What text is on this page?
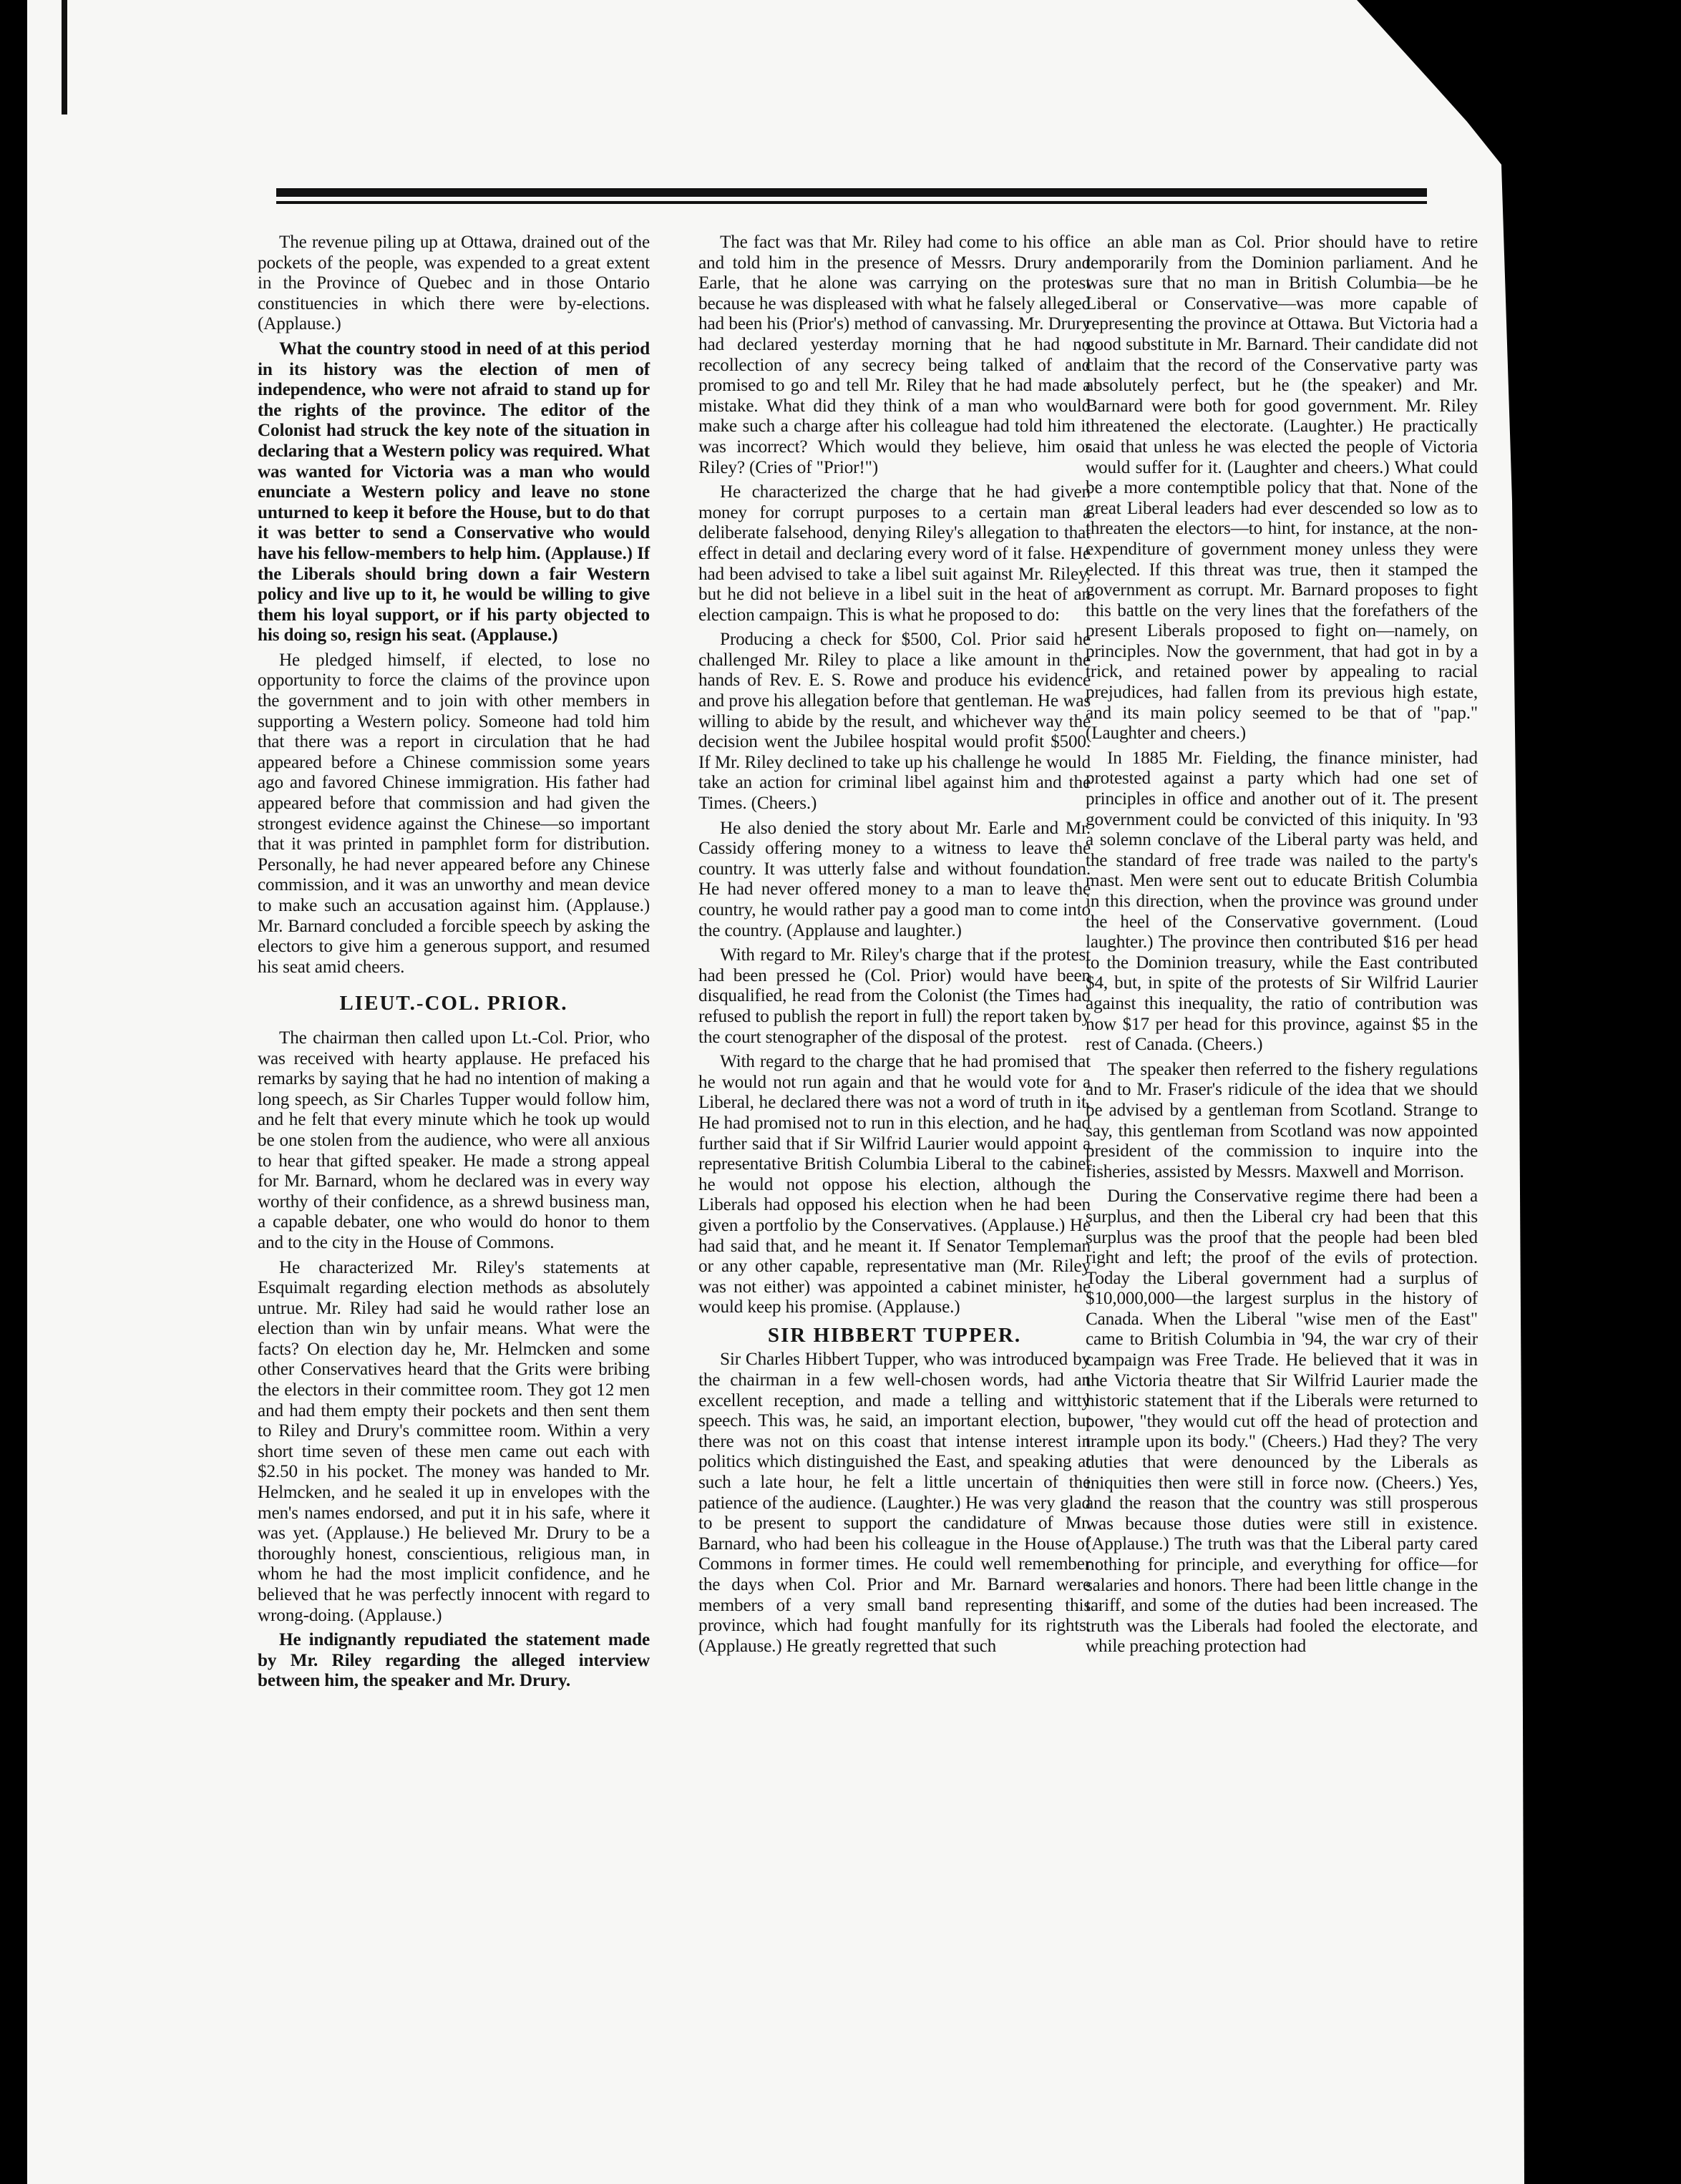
The revenue piling up at Ottawa, drained out of the pockets of the people, was expended to a great extent in the Province of Quebec and in those Ontario constituencies in which there were by-elections. (Applause.)

What the country stood in need of at this period in its history was the election of men of independence, who were not afraid to stand up for the rights of the province. The editor of the Colonist had struck the key note of the situation in declaring that a Western policy was required. What was wanted for Victoria was a man who would enunciate a Western policy and leave no stone unturned to keep it before the House, but to do that it was better to send a Conservative who would have his fellow-members to help him. (Applause.) If the Liberals should bring down a fair Western policy and live up to it, he would be willing to give them his loyal support, or if his party objected to his doing so, resign his seat. (Applause.)

He pledged himself, if elected, to lose no opportunity to force the claims of the province upon the government and to join with other members in supporting a Western policy. Someone had told him that there was a report in circulation that he had appeared before a Chinese commission some years ago and favored Chinese immigration. His father had appeared before that commission and had given the strongest evidence against the Chinese—so important that it was printed in pamphlet form for distribution. Personally, he had never appeared before any Chinese commission, and it was an unworthy and mean device to make such an accusation against him. (Applause.) Mr. Barnard concluded a forcible speech by asking the electors to give him a generous support, and resumed his seat amid cheers.

LIEUT.-COL. PRIOR.

The chairman then called upon Lt.-Col. Prior, who was received with hearty applause. He prefaced his remarks by saying that he had no intention of making a long speech, as Sir Charles Tupper would follow him, and he felt that every minute which he took up would be one stolen from the audience, who were all anxious to hear that gifted speaker. He made a strong appeal for Mr. Barnard, whom he declared was in every way worthy of their confidence, as a shrewd business man, a capable debater, one who would do honor to them and to the city in the House of Commons.

He characterized Mr. Riley's statements at Esquimalt regarding election methods as absolutely untrue. Mr. Riley had said he would rather lose an election than win by unfair means. What were the facts? On election day he, Mr. Helmcken and some other Conservatives heard that the Grits were bribing the electors in their committee room. They got 12 men and had them empty their pockets and then sent them to Riley and Drury's committee room. Within a very short time seven of these men came out each with $2.50 in his pocket. The money was handed to Mr. Helmcken, and he sealed it up in envelopes with the men's names endorsed, and put it in his safe, where it was yet. (Applause.) He believed Mr. Drury to be a thoroughly honest, conscientious, religious man, in whom he had the most implicit confidence, and he believed that he was perfectly innocent with regard to wrong-doing. (Applause.)

He indignantly repudiated the statement made by Mr. Riley regarding the alleged interview between him, the speaker and Mr. Drury.

The fact was that Mr. Riley had come to his office and told him in the presence of Messrs. Drury and Earle, that he alone was carrying on the protest because he was displeased with what he falsely alleged had been his (Prior's) method of canvassing. Mr. Drury had declared yesterday morning that he had no recollection of any secrecy being talked of and promised to go and tell Mr. Riley that he had made a mistake. What did they think of a man who would make such a charge after his colleague had told him it was incorrect? Which would they believe, him or Riley? (Cries of "Prior!")

He characterized the charge that he had given money for corrupt purposes to a certain man a deliberate falsehood, denying Riley's allegation to that effect in detail and declaring every word of it false. He had been advised to take a libel suit against Mr. Riley, but he did not believe in a libel suit in the heat of an election campaign. This is what he proposed to do:

Producing a check for $500, Col. Prior said he challenged Mr. Riley to place a like amount in the hands of Rev. E. S. Rowe and produce his evidence and prove his allegation before that gentleman. He was willing to abide by the result, and whichever way the decision went the Jubilee hospital would profit $500. If Mr. Riley declined to take up his challenge he would take an action for criminal libel against him and the Times. (Cheers.)

He also denied the story about Mr. Earle and Mr. Cassidy offering money to a witness to leave the country. It was utterly false and without foundation. He had never offered money to a man to leave the country, he would rather pay a good man to come into the country. (Applause and laughter.)

With regard to Mr. Riley's charge that if the protest had been pressed he (Col. Prior) would have been disqualified, he read from the Colonist (the Times had refused to publish the report in full) the report taken by the court stenographer of the disposal of the protest.

With regard to the charge that he had promised that he would not run again and that he would vote for a Liberal, he declared there was not a word of truth in it. He had promised not to run in this election, and he had further said that if Sir Wilfrid Laurier would appoint a representative British Columbia Liberal to the cabinet he would not oppose his election, although the Liberals had opposed his election when he had been given a portfolio by the Conservatives. (Applause.) He had said that, and he meant it. If Senator Templeman or any other capable, representative man (Mr. Riley was not either) was appointed a cabinet minister, he would keep his promise. (Applause.)

SIR HIBBERT TUPPER.

Sir Charles Hibbert Tupper, who was introduced by the chairman in a few well-chosen words, had an excellent reception, and made a telling and witty speech. This was, he said, an important election, but there was not on this coast that intense interest in politics which distinguished the East, and speaking at such a late hour, he felt a little uncertain of the patience of the audience. (Laughter.) He was very glad to be present to support the candidature of Mr. Barnard, who had been his colleague in the House of Commons in former times. He could well remember the days when Col. Prior and Mr. Barnard were members of a very small band representing this province, which had fought manfully for its rights. (Applause.) He greatly regretted that such

an able man as Col. Prior should have to retire temporarily from the Dominion parliament. And he was sure that no man in British Columbia—be he Liberal or Conservative—was more capable of representing the province at Ottawa. But Victoria had a good substitute in Mr. Barnard. Their candidate did not claim that the record of the Conservative party was absolutely perfect, but he (the speaker) and Mr. Barnard were both for good government. Mr. Riley threatened the electorate. (Laughter.) He practically said that unless he was elected the people of Victoria would suffer for it. (Laughter and cheers.) What could be a more contemptible policy that that. None of the great Liberal leaders had ever descended so low as to threaten the electors—to hint, for instance, at the non-expenditure of government money unless they were elected. If this threat was true, then it stamped the government as corrupt. Mr. Barnard proposes to fight this battle on the very lines that the forefathers of the present Liberals proposed to fight on—namely, on principles. Now the government, that had got in by a trick, and retained power by appealing to racial prejudices, had fallen from its previous high estate, and its main policy seemed to be that of "pap." (Laughter and cheers.)

In 1885 Mr. Fielding, the finance minister, had protested against a party which had one set of principles in office and another out of it. The present government could be convicted of this iniquity. In '93 a solemn conclave of the Liberal party was held, and the standard of free trade was nailed to the party's mast. Men were sent out to educate British Columbia in this direction, when the province was ground under the heel of the Conservative government. (Loud laughter.) The province then contributed $16 per head to the Dominion treasury, while the East contributed $4, but, in spite of the protests of Sir Wilfrid Laurier against this inequality, the ratio of contribution was now $17 per head for this province, against $5 in the rest of Canada. (Cheers.)

The speaker then referred to the fishery regulations and to Mr. Fraser's ridicule of the idea that we should be advised by a gentleman from Scotland. Strange to say, this gentleman from Scotland was now appointed president of the commission to inquire into the fisheries, assisted by Messrs. Maxwell and Morrison.

During the Conservative regime there had been a surplus, and then the Liberal cry had been that this surplus was the proof that the people had been bled right and left; the proof of the evils of protection. Today the Liberal government had a surplus of $10,000,000—the largest surplus in the history of Canada. When the Liberal "wise men of the East" came to British Columbia in '94, the war cry of their campaign was Free Trade. He believed that it was in the Victoria theatre that Sir Wilfrid Laurier made the historic statement that if the Liberals were returned to power, "they would cut off the head of protection and trample upon its body." (Cheers.) Had they? The very duties that were denounced by the Liberals as iniquities then were still in force now. (Cheers.) Yes, and the reason that the country was still prosperous was because those duties were still in existence. (Applause.) The truth was that the Liberal party cared nothing for principle, and everything for office—for salaries and honors. There had been little change in the tariff, and some of the duties had been increased. The truth was the Liberals had fooled the electorate, and while preaching protection had
